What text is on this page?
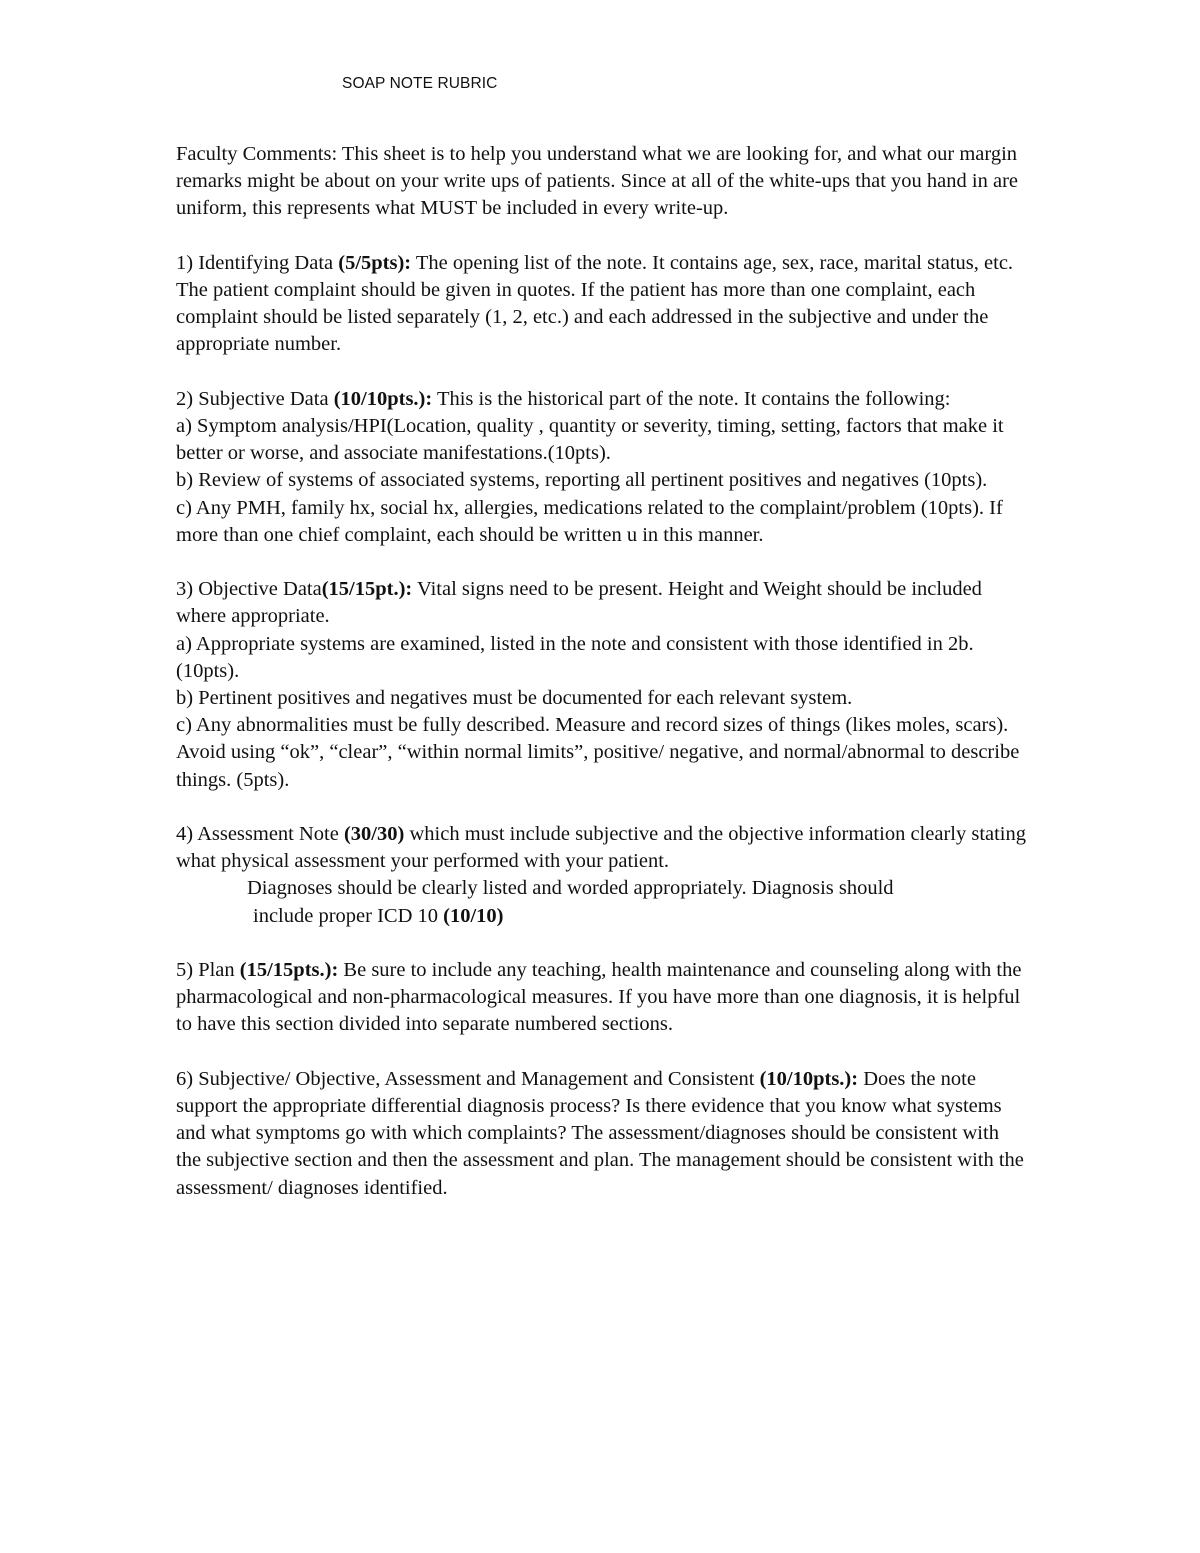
SOAP NOTE RUBRIC

Faculty Comments: This sheet is to help you understand what we are looking for, and what our margin remarks might be about on your write ups of patients. Since at all of the white-ups that you hand in are uniform, this represents what MUST be included in every write-up.

1) Identifying Data (5/5pts): The opening list of the note. It contains age, sex, race, marital status, etc. The patient complaint should be given in quotes. If the patient has more than one complaint, each complaint should be listed separately (1, 2, etc.) and each addressed in the subjective and under the appropriate number.

2) Subjective Data (10/10pts.): This is the historical part of the note. It contains the following:
a) Symptom analysis/HPI(Location, quality , quantity or severity, timing, setting, factors that make it better or worse, and associate manifestations.(10pts).
b) Review of systems of associated systems, reporting all pertinent positives and negatives (10pts).
c) Any PMH, family hx, social hx, allergies, medications related to the complaint/problem (10pts). If more than one chief complaint, each should be written u in this manner.

3) Objective Data(15/15pt.): Vital signs need to be present. Height and Weight should be included where appropriate.
a) Appropriate systems are examined, listed in the note and consistent with those identified in 2b.(10pts).
b) Pertinent positives and negatives must be documented for each relevant system.
c) Any abnormalities must be fully described. Measure and record sizes of things (likes moles, scars). Avoid using “ok”, “clear”, “within normal limits”, positive/ negative, and normal/abnormal to describe things. (5pts).

4) Assessment Note (30/30) which must include subjective and the objective information clearly stating what physical assessment your performed with your patient.
Diagnoses should be clearly listed and worded appropriately. Diagnosis should
include proper ICD 10 (10/10)

5) Plan (15/15pts.): Be sure to include any teaching, health maintenance and counseling along with the pharmacological and non-pharmacological measures. If you have more than one diagnosis, it is helpful to have this section divided into separate numbered sections.

6) Subjective/ Objective, Assessment and Management and Consistent (10/10pts.): Does the note support the appropriate differential diagnosis process? Is there evidence that you know what systems and what symptoms go with which complaints? The assessment/diagnoses should be consistent with the subjective section and then the assessment and plan. The management should be consistent with the assessment/ diagnoses identified.
